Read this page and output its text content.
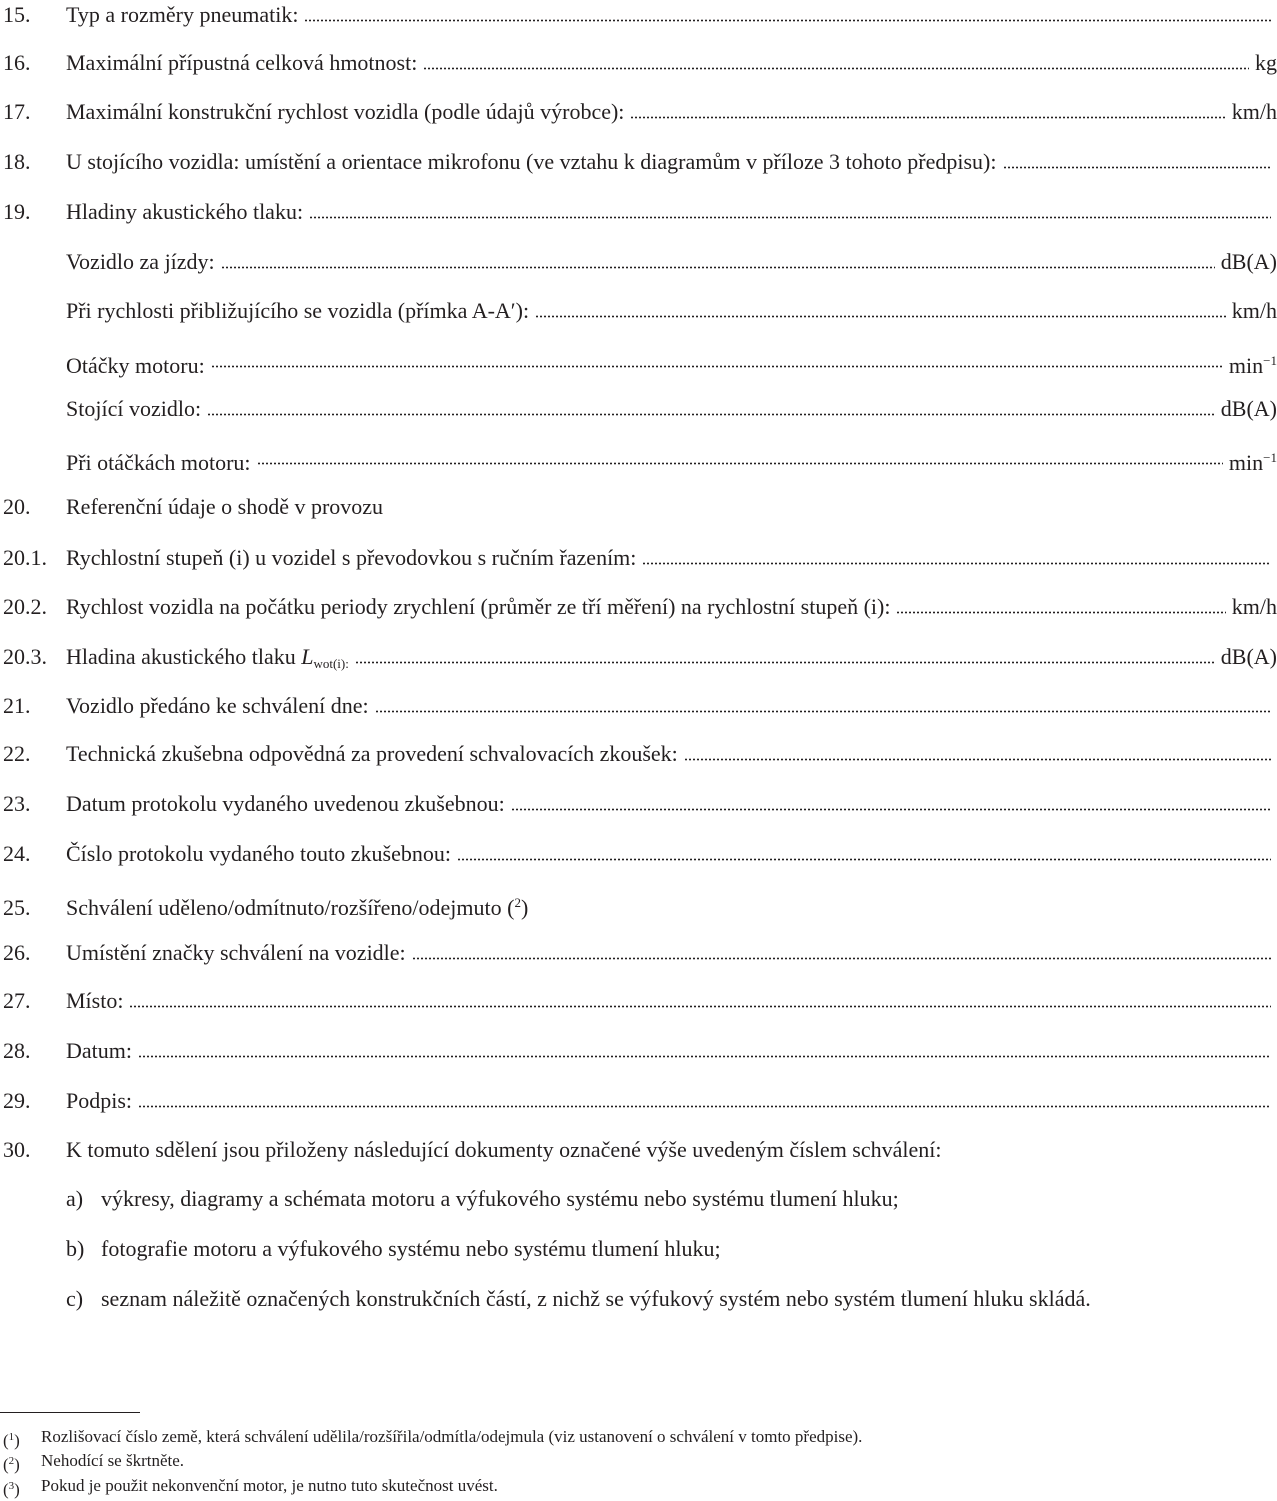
15.	Typ a rozměry pneumatik:
16.	Maximální přípustná celková hmotnost:	kg
17.	Maximální konstrukční rychlost vozidla (podle údajů výrobce):	km/h
18.	U stojícího vozidla: umístění a orientace mikrofonu (ve vztahu k diagramům v příloze 3 tohoto předpisu):
19.	Hladiny akustického tlaku:
Vozidlo za jízdy:	dB(A)
Při rychlosti přibližujícího se vozidla (přímka A-A′):	km/h
Otáčky motoru:	$\min^{-1}$
Stojící vozidlo:	dB(A)
Při otáčkách motoru:	$\min^{-1}$
20.	Referenční údaje o shodě v provozu
20.1. Rychlostní stupeň (i) u vozidel s převodovkou s ručním řazením:
20.2. Rychlost vozidla na počátku periody zrychlení (průměr ze tří měření) na rychlostní stupeň (i):	km/h
20.3. Hladina akustického tlaku $L_{wot(i):}$	dB(A)
21.	Vozidlo předáno ke schválení dne:
22.	Technická zkušebna odpovědná za provedení schvalovacích zkoušek:
23.	Datum protokolu vydaného uvedenou zkušebnou:
24.	Číslo protokolu vydaného touto zkušebnou:
25.	Schválení uděleno/odmítnuto/rozšířeno/odejmuto ($^2$)
26.	Umístění značky schválení na vozidle:
27.	Místo:
28.	Datum:
29.	Podpis:
30.	K tomuto sdělení jsou přiloženy následující dokumenty označené výše uvedeným číslem schválení:
a) výkresy, diagramy a schémata motoru a výfukového systému nebo systému tlumení hluku;
b) fotografie motoru a výfukového systému nebo systému tlumení hluku;
c) seznam náležitě označených konstrukčních částí, z nichž se výfukový systém nebo systém tlumení hluku skládá.
($^1$)	Rozlišovací číslo země, která schválení udělila/rozšířila/odmítla/odejmula (viz ustanovení o schválení v tomto předpise).
($^2$)	Nehodící se škrtněte.
($^3$)	Pokud je použit nekonvenční motor, je nutno tuto skutečnost uvést.
